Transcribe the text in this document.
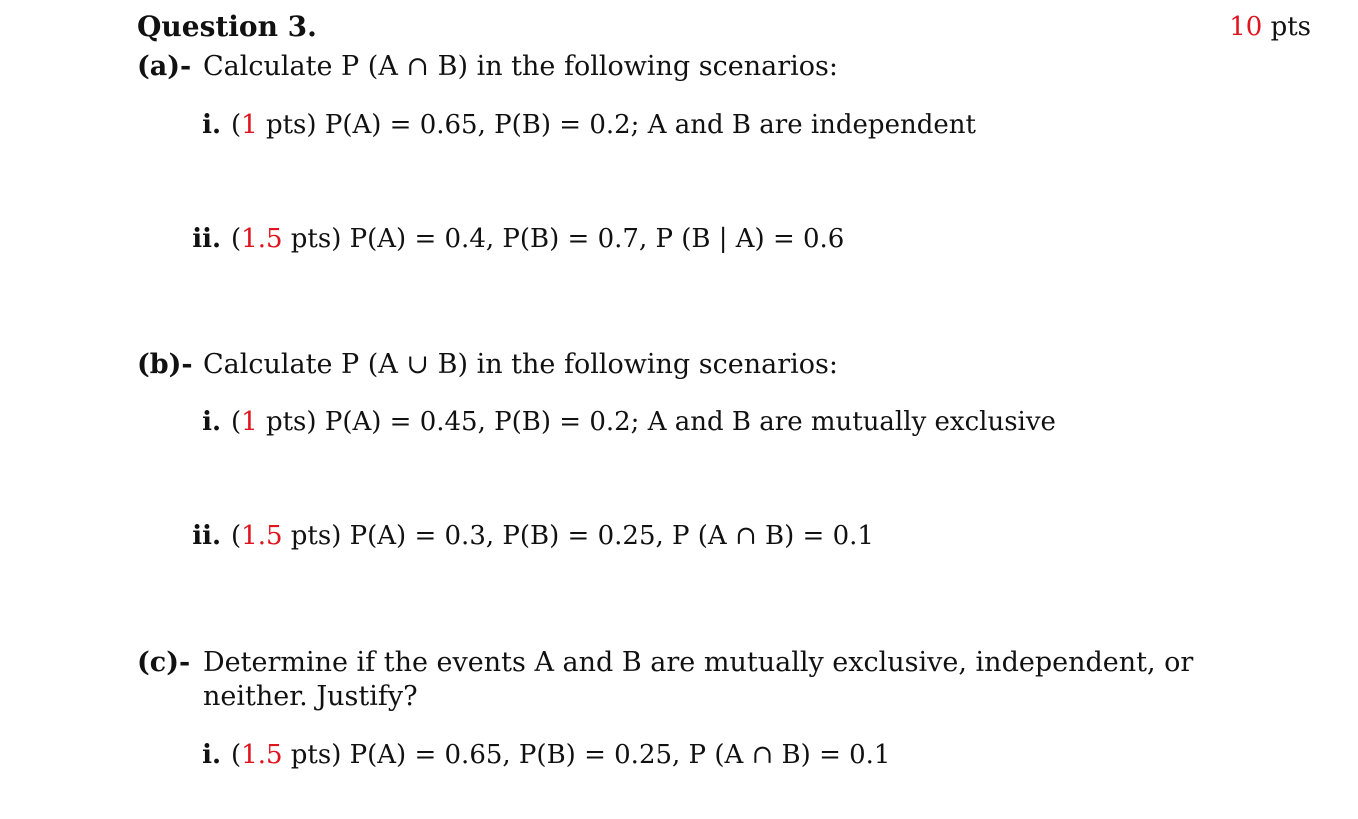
Question 3.	10 pts
(a)- Calculate P (A ∩ B) in the following scenarios:
i. (1 pts) P(A) = 0.65, P(B) = 0.2; A and B are independent
ii. (1.5 pts) P(A) = 0.4, P(B) = 0.7, P (B | A) = 0.6
(b)- Calculate P (A ∪ B) in the following scenarios:
i. (1 pts) P(A) = 0.45, P(B) = 0.2; A and B are mutually exclusive
ii. (1.5 pts) P(A) = 0.3, P(B) = 0.25, P (A ∩ B) = 0.1
(c)- Determine if the events A and B are mutually exclusive, independent, or neither. Justify?
i. (1.5 pts) P(A) = 0.65, P(B) = 0.25, P (A ∩ B) = 0.1
